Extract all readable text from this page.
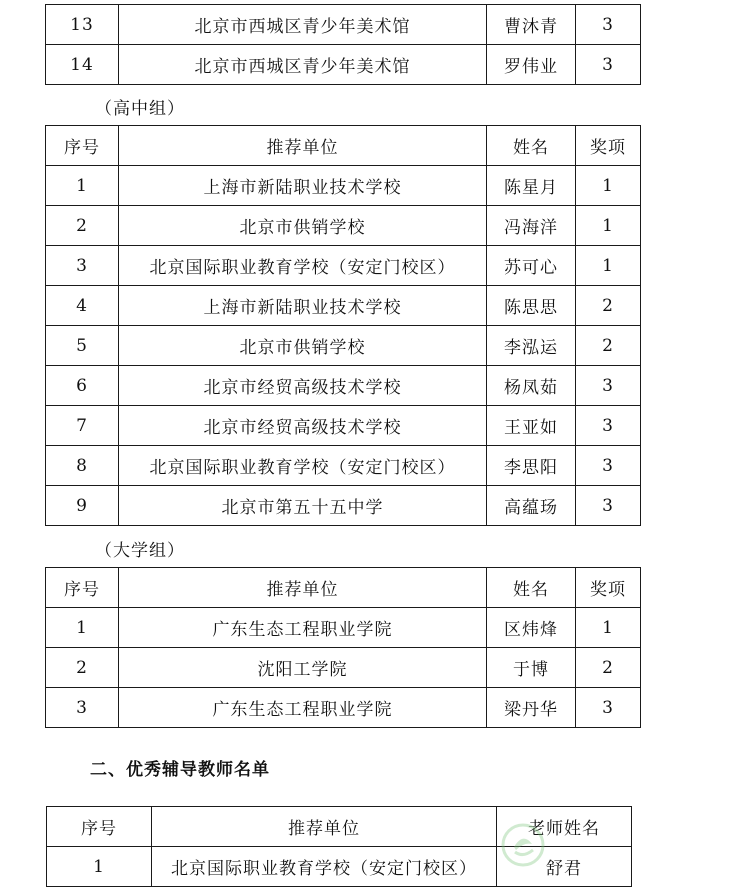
13	北京市西城区青少年美术馆	曹沐青	3
14	北京市西城区青少年美术馆	罗伟业	3
（高中组）
序号	推荐单位	姓名	奖项
1	上海市新陆职业技术学校	陈星月	1
2	北京市供销学校	冯海洋	1
3	北京国际职业教育学校（安定门校区）	苏可心	1
4	上海市新陆职业技术学校	陈思思	2
5	北京市供销学校	李泓运	2
6	北京市经贸高级技术学校	杨凤茹	3
7	北京市经贸高级技术学校	王亚如	3
8	北京国际职业教育学校（安定门校区）	李思阳	3
9	北京市第五十五中学	高蕴玚	3
（大学组）
序号	推荐单位	姓名	奖项
1	广东生态工程职业学院	区炜烽	1
2	沈阳工学院	于博	2
3	广东生态工程职业学院	梁丹华	3
二、优秀辅导教师名单
序号	推荐单位	老师姓名
1	北京国际职业教育学校（安定门校区）	舒君
